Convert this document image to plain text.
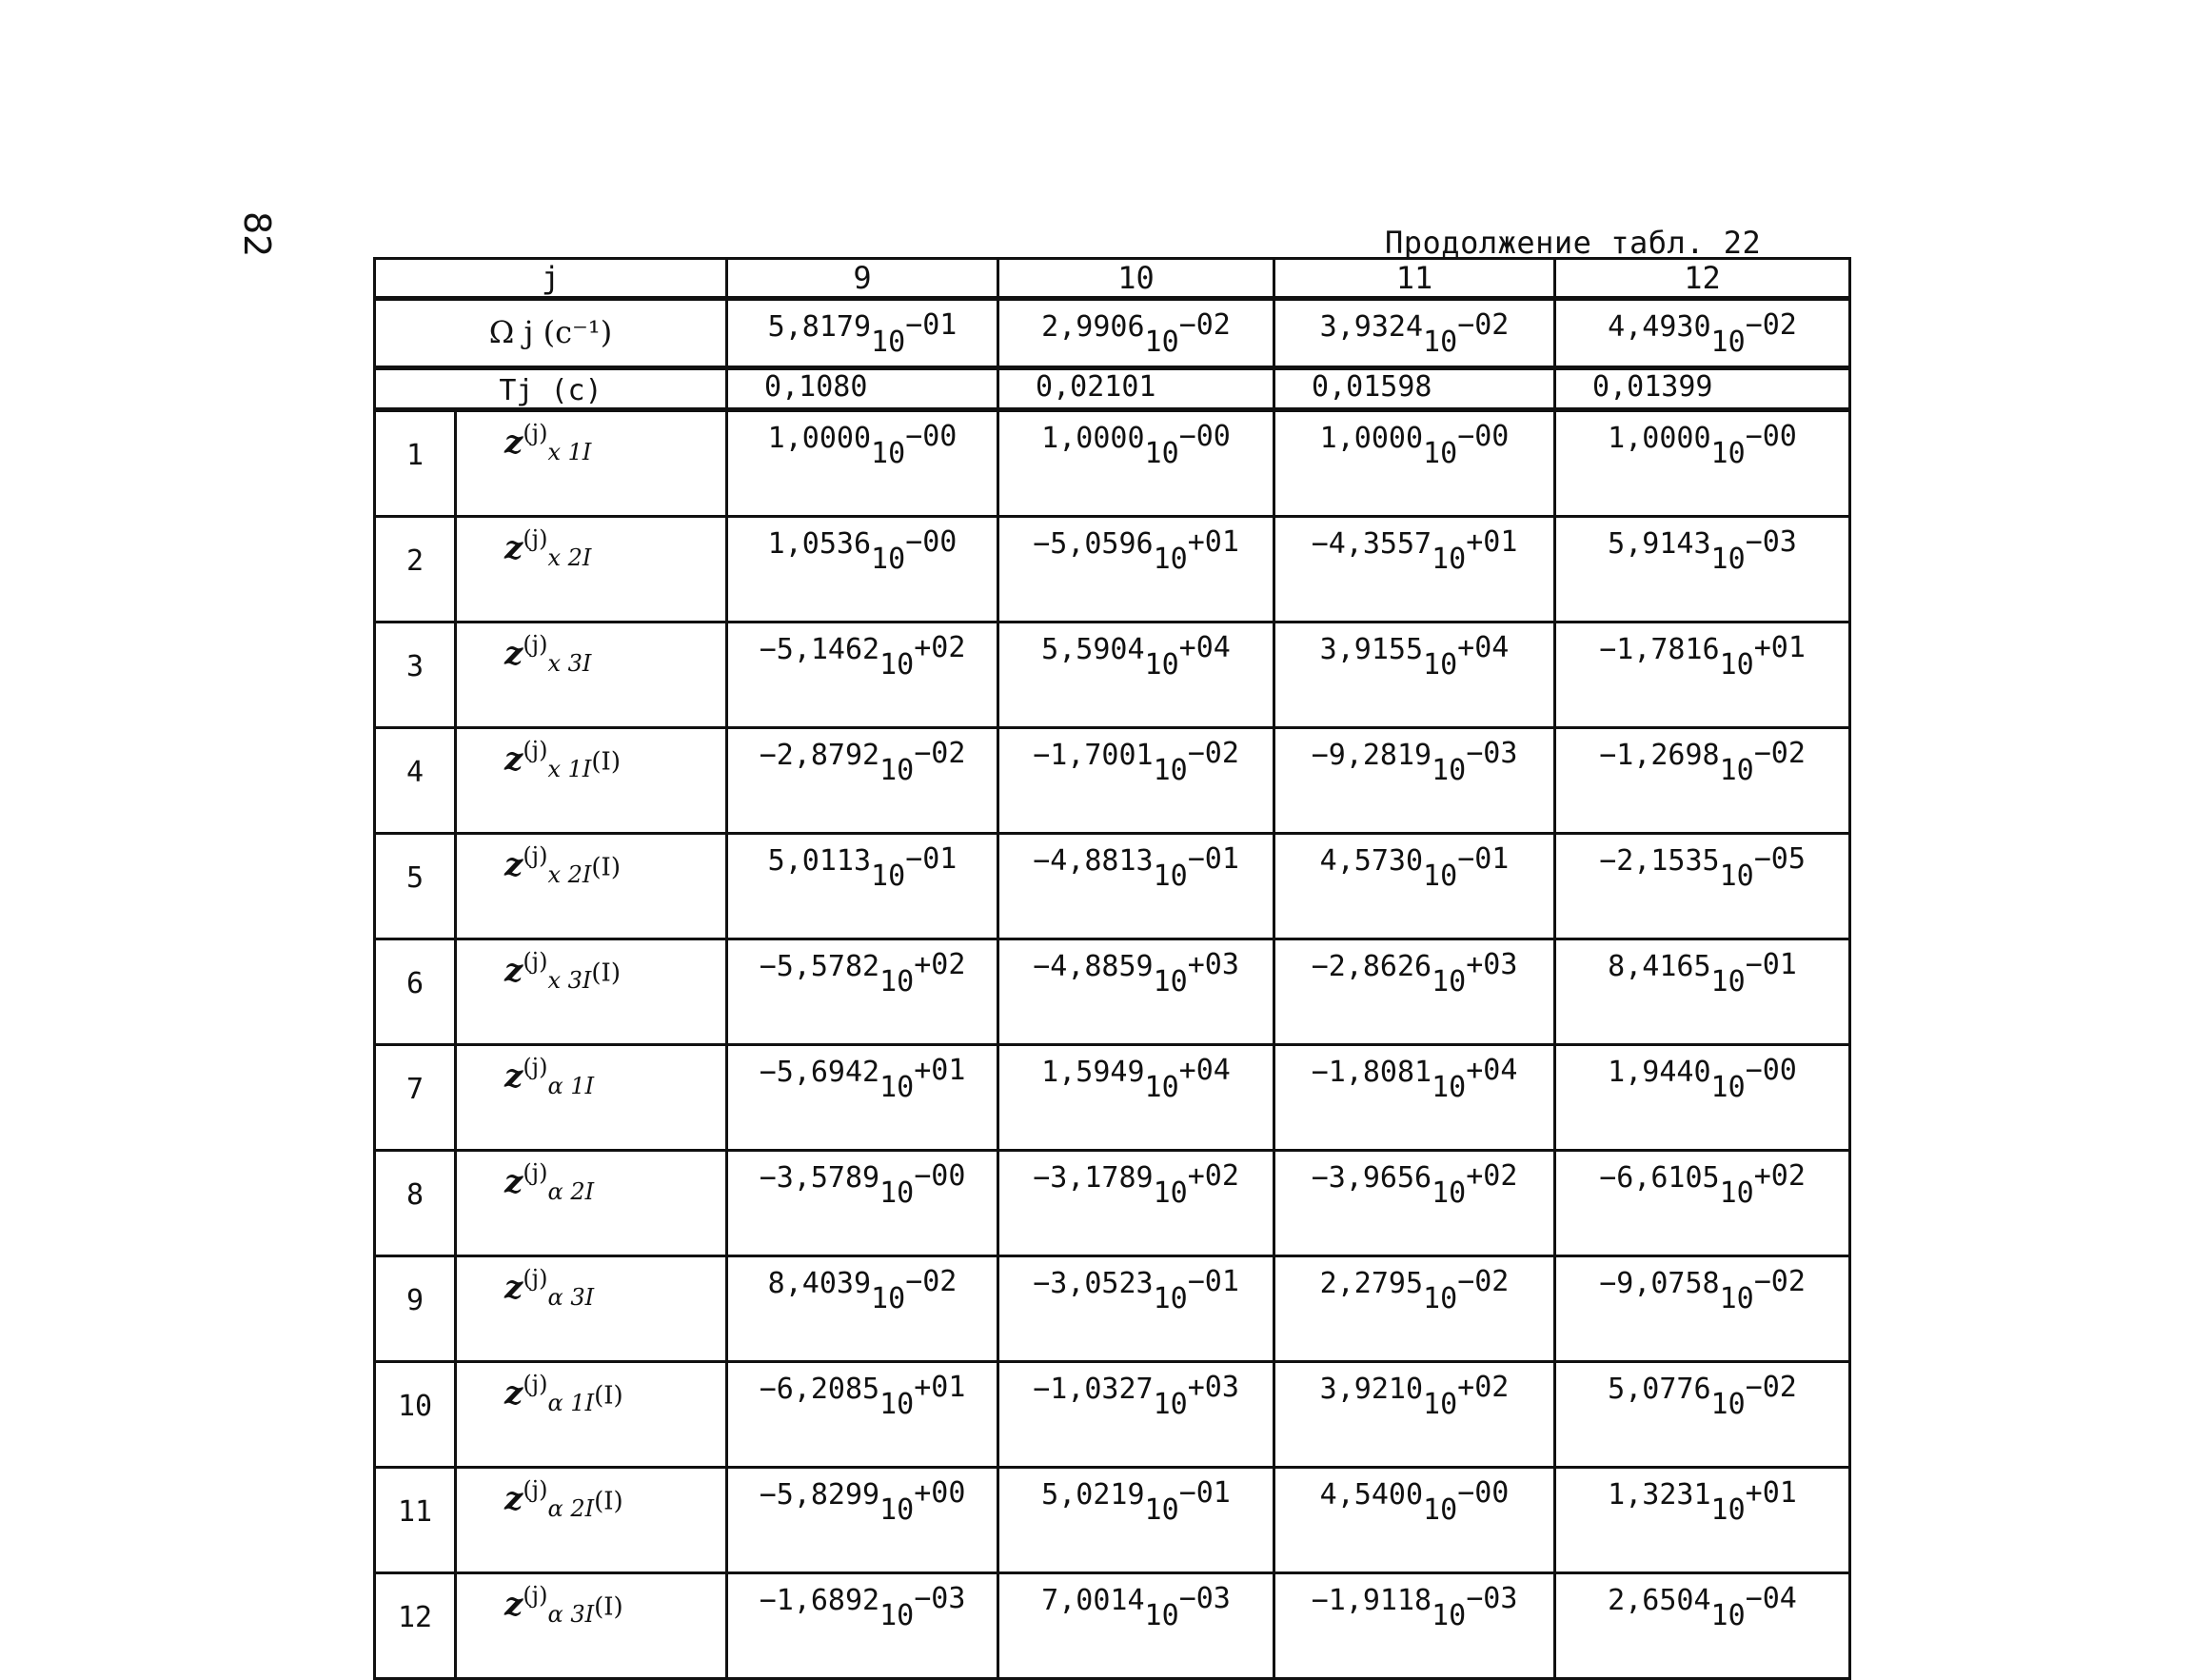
82	Продолжение табл. 22
j		9	10	11	12
Ω j (c⁻¹)		5,817910−01	2,990610−02	3,932410−02	4,493010−02
Tj (c)		0,1080	0,02101	0,01598	0,01399
1	$z^{(j)}_{x 1I}$	1,000010−00	1,000010−00	1,000010−00	1,000010−00
2	$z^{(j)}_{x 2I}$	1,053610−00	−5,059610+01	−4,355710+01	5,914310−03
3	$z^{(j)}_{x 3I}$	−5,146210+02	5,590410+04	3,915510+04	−1,781610+01
4	$z^{(j)}_{x 1I}(I)$	−2,879210−02	−1,700110−02	−9,281910−03	−1,269810−02
5	$z^{(j)}_{x 2I}(I)$	5,011310−01	−4,881310−01	4,573010−01	−2,153510−05
6	$z^{(j)}_{x 3I}(I)$	−5,578210+02	−4,885910+03	−2,862610+03	8,416510−01
7	$z^{(j)}_{\alpha 1I}$	−5,694210+01	1,594910+04	−1,808110+04	1,944010−00
8	$z^{(j)}_{\alpha 2I}$	−3,578910−00	−3,178910+02	−3,965610+02	−6,610510+02
9	$z^{(j)}_{\alpha 3I}$	8,403910−02	−3,052310−01	2,279510−02	−9,075810−02
10	$z^{(j)}_{\alpha 1I}(I)$	−6,208510+01	−1,032710+03	3,921010+02	5,077610−02
11	$z^{(j)}_{\alpha 2I}(I)$	−5,829910+00	5,021910−01	4,540010−00	1,323110+01
12	$z^{(j)}_{\alpha 3I}(I)$	−1,689210−03	7,001410−03	−1,911810−03	2,650410−04
